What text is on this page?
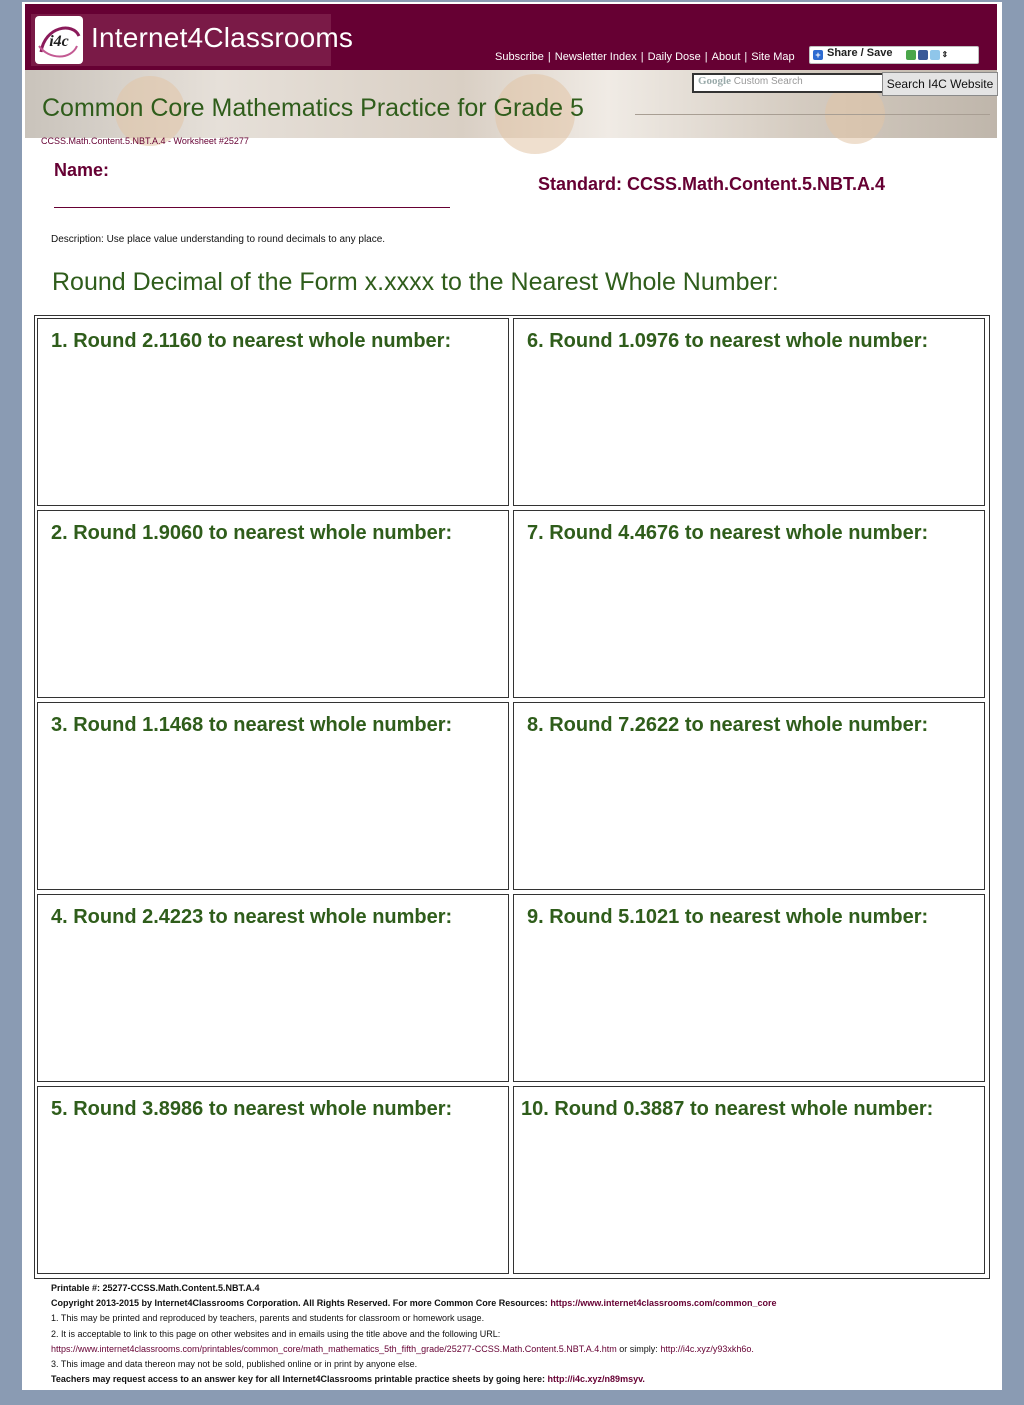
i4c Internet4Classrooms
Subscribe | Newsletter Index | Daily Dose | About | Site Map	+ Share / Save	⇕
Google Custom Search	Search I4C Website
Common Core Mathematics Practice for Grade 5
CCSS.Math.Content.5.NBT.A.4 - Worksheet #25277
Name:
Standard: CCSS.Math.Content.5.NBT.A.4
Description: Use place value understanding to round decimals to any place.
Round Decimal of the Form x.xxxx to the Nearest Whole Number:
1. Round 2.1160 to nearest whole number:
2. Round 1.9060 to nearest whole number:
3. Round 1.1468 to nearest whole number:
4. Round 2.4223 to nearest whole number:
5. Round 3.8986 to nearest whole number:
6. Round 1.0976 to nearest whole number:
7. Round 4.4676 to nearest whole number:
8. Round 7.2622 to nearest whole number:
9. Round 5.1021 to nearest whole number:
10. Round 0.3887 to nearest whole number:
Printable #: 25277-CCSS.Math.Content.5.NBT.A.4
Copyright 2013-2015 by Internet4Classrooms Corporation. All Rights Reserved. For more Common Core Resources: https://www.internet4classrooms.com/common_core
1. This may be printed and reproduced by teachers, parents and students for classroom or homework usage.
2. It is acceptable to link to this page on other websites and in emails using the title above and the following URL:
https://www.internet4classrooms.com/printables/common_core/math_mathematics_5th_fifth_grade/25277-CCSS.Math.Content.5.NBT.A.4.htm or simply: http://i4c.xyz/y93xkh6o.
3. This image and data thereon may not be sold, published online or in print by anyone else.
Teachers may request access to an answer key for all Internet4Classrooms printable practice sheets by going here: http://i4c.xyz/n89msyv.
